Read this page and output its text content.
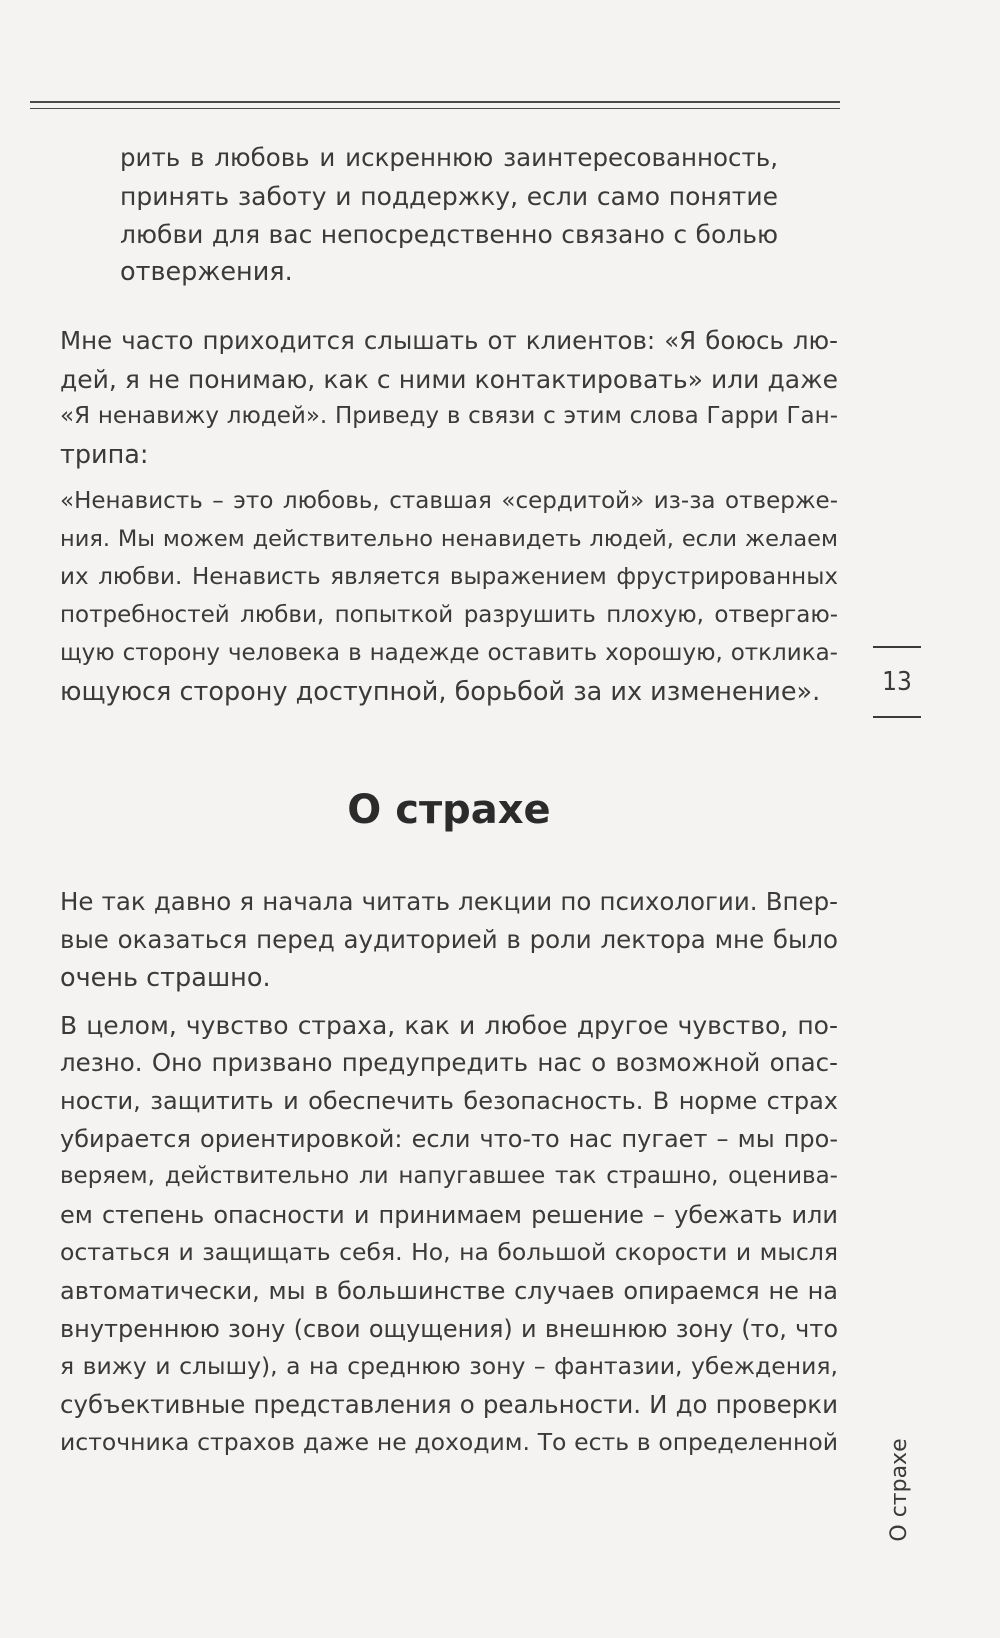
рить в любовь и искреннюю заинтересованность,
принять заботу и поддержку, если само понятие
любви для вас непосредственно связано с болью
отвержения.
Мне часто приходится слышать от клиентов: «Я боюсь лю-
дей, я не понимаю, как с ними контактировать» или даже
«Я ненавижу людей». Приведу в связи с этим слова Гарри Ган-
трипа:
«Ненависть – это любовь, ставшая «сердитой» из-за отверже-
ния. Мы можем действительно ненавидеть людей, если желаем
их любви. Ненависть является выражением фрустрированных
потребностей любви, попыткой разрушить плохую, отвергаю-
щую сторону человека в надежде оставить хорошую, откликa-
ющуюся сторону доступной, борьбой за их изменение».	13
О страхе
Не так давно я начала читать лекции по психологии. Впер-
вые оказаться перед аудиторией в роли лектора мне было
очень страшно.
В целом, чувство страха, как и любое другое чувство, по-
лезно. Оно призвано предупредить нас о возможной опас-
ности, защитить и обеспечить безопасность. В норме страх
убирается ориентировкой: если что-то нас пугает – мы про-
веряем, действительно ли напугавшее так страшно, оценива-
ем степень опасности и принимаем решение – убежать или
остаться и защищать себя. Но, на большой скорости и мысля
автоматически, мы в большинстве случаев опираемся не на
внутреннюю зону (свои ощущения) и внешнюю зону (то, что
я вижу и слышу), а на среднюю зону – фантазии, убеждения,
субъективные представления о реальности. И до проверки
источника страхов даже не доходим. То есть в определенной О страхе
